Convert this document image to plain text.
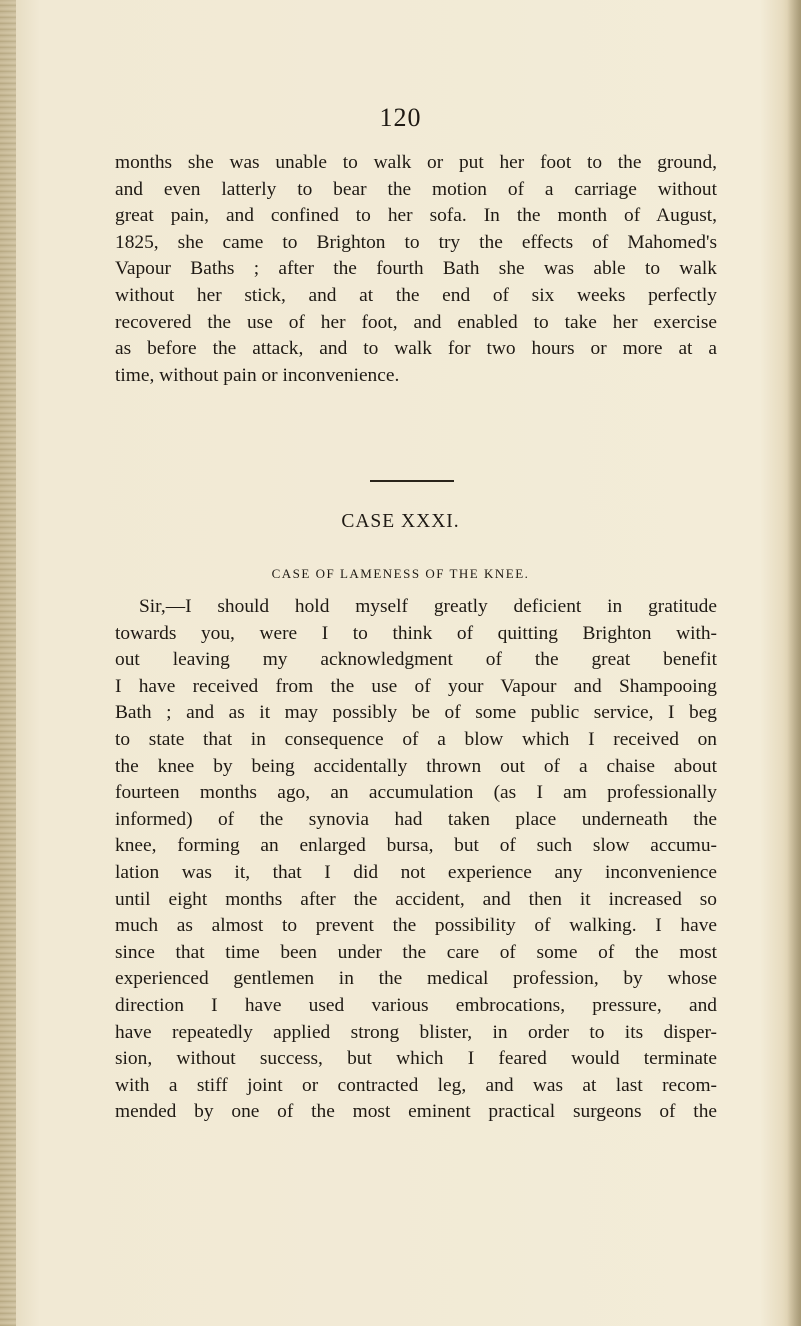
120
months she was unable to walk or put her foot to the ground,
and even latterly to bear the motion of a carriage without
great pain, and confined to her sofa. In the month of August,
1825, she came to Brighton to try the effects of Mahomed's
Vapour Baths ; after the fourth Bath she was able to walk
without her stick, and at the end of six weeks perfectly
recovered the use of her foot, and enabled to take her exercise
as before the attack, and to walk for two hours or more at a
time, without pain or inconvenience.
CASE XXXI.
CASE OF LAMENESS OF THE KNEE.
Sir,—I should hold myself greatly deficient in gratitude
towards you, were I to think of quitting Brighton with-
out leaving my acknowledgment of the great benefit
I have received from the use of your Vapour and Shampooing
Bath ; and as it may possibly be of some public service, I beg
to state that in consequence of a blow which I received on
the knee by being accidentally thrown out of a chaise about
fourteen months ago, an accumulation (as I am professionally
informed) of the synovia had taken place underneath the
knee, forming an enlarged bursa, but of such slow accumu-
lation was it, that I did not experience any inconvenience
until eight months after the accident, and then it increased so
much as almost to prevent the possibility of walking. I have
since that time been under the care of some of the most
experienced gentlemen in the medical profession, by whose
direction I have used various embrocations, pressure, and
have repeatedly applied strong blister, in order to its disper-
sion, without success, but which I feared would terminate
with a stiff joint or contracted leg, and was at last recom-
mended by one of the most eminent practical surgeons of the
